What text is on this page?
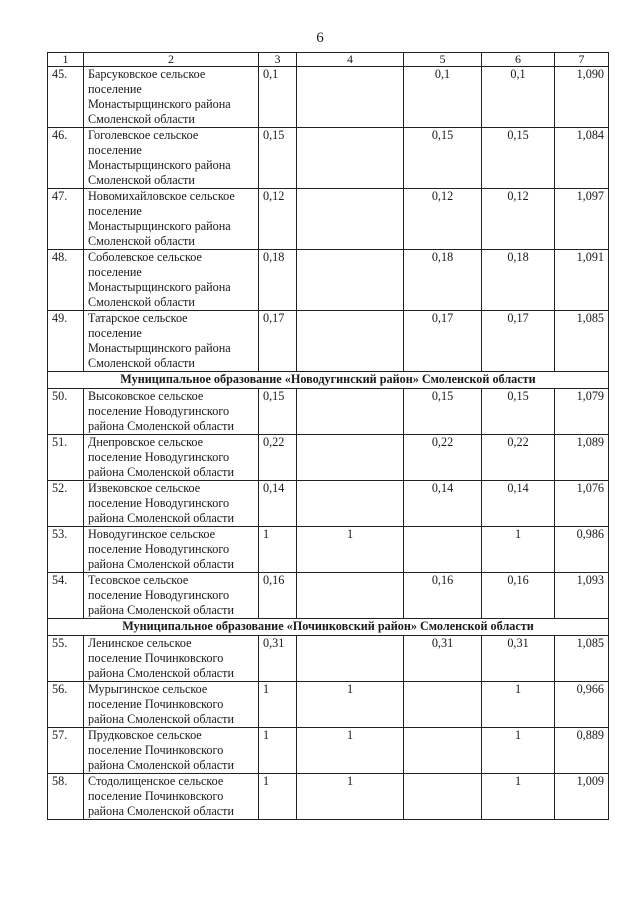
6
1	2	3	4	5	6	7
45.	Барсуковское сельское
поселение
Монастырщинского района
Смоленской области	0,1		0,1	0,1	1,090
46.	Гоголевское сельское
поселение
Монастырщинского района
Смоленской области	0,15		0,15	0,15	1,084
47.	Новомихайловское сельское
поселение
Монастырщинского района
Смоленской области	0,12		0,12	0,12	1,097
48.	Соболевское сельское
поселение
Монастырщинского района
Смоленской области	0,18		0,18	0,18	1,091
49.	Татарское сельское
поселение
Монастырщинского района
Смоленской области	0,17		0,17	0,17	1,085
Муниципальное образование «Новодугинский район» Смоленской области						
50.	Высоковское сельское
поселение Новодугинского
района Смоленской области	0,15		0,15	0,15	1,079
51.	Днепровское сельское
поселение Новодугинского
района Смоленской области	0,22		0,22	0,22	1,089
52.	Извековское сельское
поселение Новодугинского
района Смоленской области	0,14		0,14	0,14	1,076
53.	Новодугинское сельское
поселение Новодугинского
района Смоленской области	1	1		1	0,986
54.	Тесовское сельское
поселение Новодугинского
района Смоленской области	0,16		0,16	0,16	1,093
Муниципальное образование «Починковский район» Смоленской области						
55.	Ленинское сельское
поселение Починковского
района Смоленской области	0,31		0,31	0,31	1,085
56.	Мурыгинское сельское
поселение Починковского
района Смоленской области	1	1		1	0,966
57.	Прудковское сельское
поселение Починковского
района Смоленской области	1	1		1	0,889
58.	Стодолищенское сельское
поселение Починковского
района Смоленской области	1	1		1	1,009
